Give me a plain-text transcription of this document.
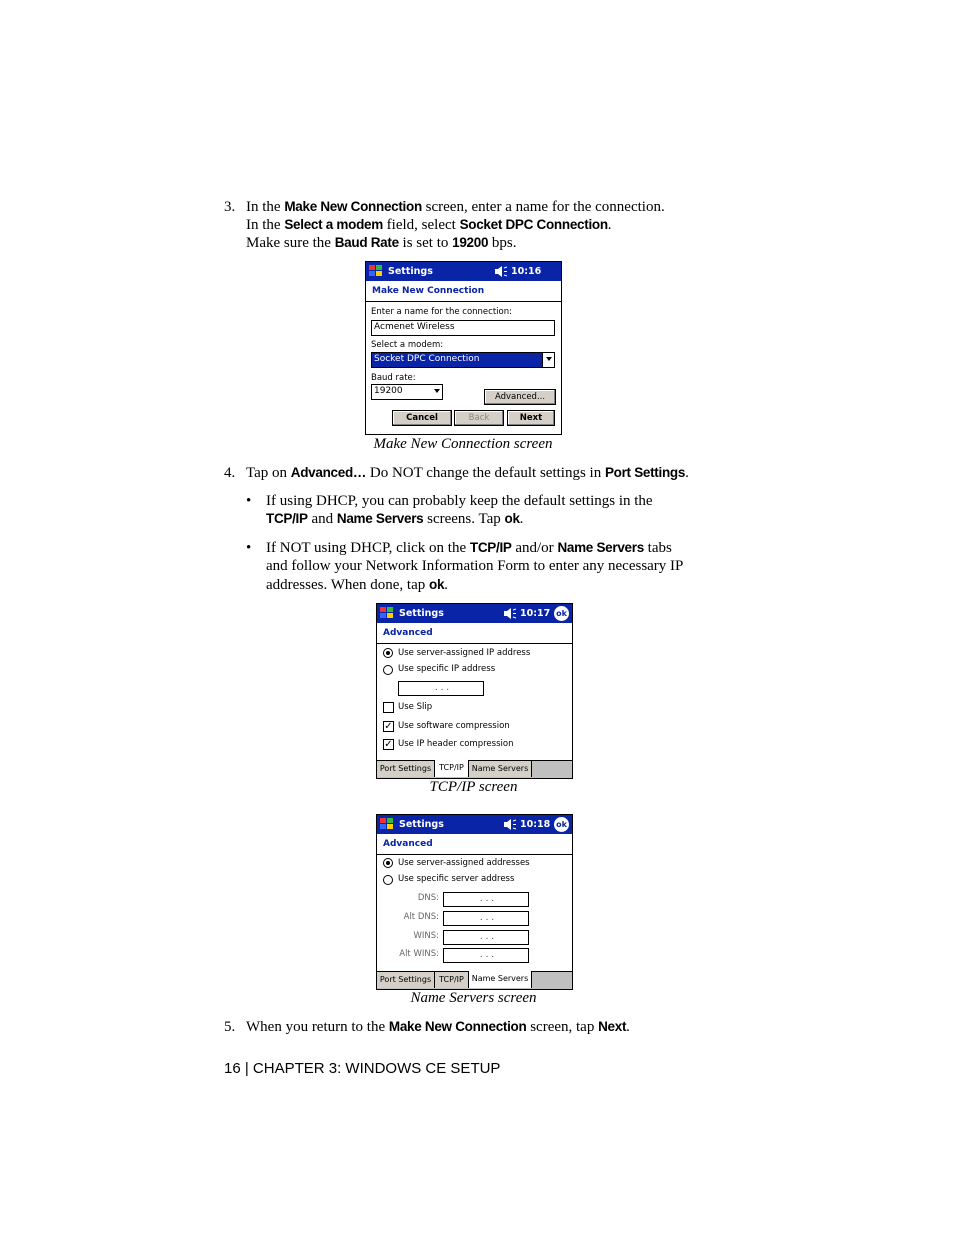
3. In the Make New Connection screen, enter a name for the connection.
In the Select a modem field, select Socket DPC Connection.
Make sure the Baud Rate is set to 19200 bps.
Settings	10:16
Make New Connection
Enter a name for the connection:
Acmenet Wireless
Select a modem:
Socket DPC Connection
Baud rate:
19200
Advanced...
Cancel	Back	Next
Make New Connection screen
4. Tap on Advanced… Do NOT change the default settings in Port Settings.
• If using DHCP, you can probably keep the default settings in the
TCP/IP and Name Servers screens. Tap ok.
• If NOT using DHCP, click on the TCP/IP and/or Name Servers tabs
and follow your Network Information Form to enter any necessary IP
addresses. When done, tap ok.
Settings	10:17 ok
Advanced
Use server-assigned IP address
Use specific IP address
. . .
Use Slip
✓ Use software compression
✓ Use IP header compression
Port Settings	TCP/IP Name Servers
TCP/IP screen
Settings	10:18 ok
Advanced
Use server-assigned addresses
Use specific server address
DNS:	. . .
Alt DNS:	. . .
WINS:	. . .
Alt WINS:	. . .
Port Settings	TCP/IP Name Servers
Name Servers screen
5. When you return to the Make New Connection screen, tap Next.
16 | CHAPTER 3: WINDOWS CE SETUP
